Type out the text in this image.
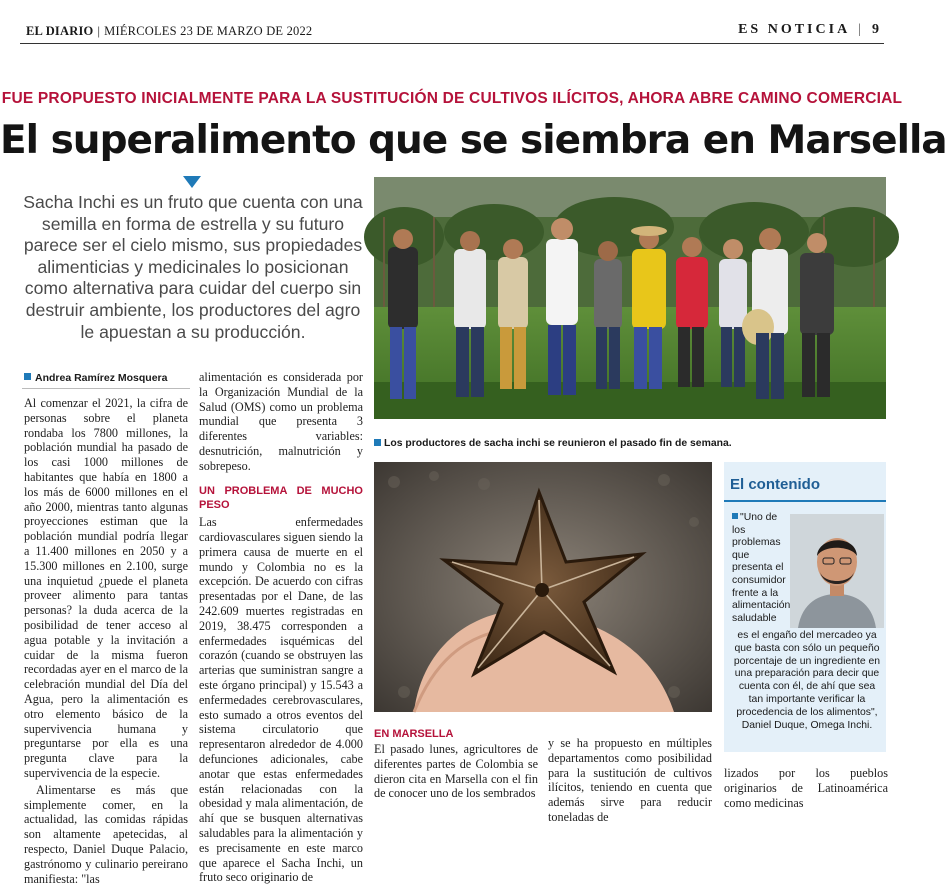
EL DIARIO | MIÉRCOLES 23 DE MARZO DE 2022	ES NOTICIA | 9
FUE PROPUESTO INICIALMENTE PARA LA SUSTITUCIÓN DE CULTIVOS ILÍCITOS, AHORA ABRE CAMINO COMERCIAL
El superalimento que se siembra en Marsella
Sacha Inchi es un fruto que cuenta con una semilla en forma de estrella y su futuro parece ser el cielo mismo, sus propiedades alimenticias y medicinales lo posicionan como alternativa para cuidar del cuerpo sin destruir ambiente, los productores del agro le apuestan a su producción.
Andrea Ramírez Mosquera

Al comenzar el 2021, la cifra de personas sobre el planeta rondaba los 7800 millones, la población mundial ha pasado de los casi 1000 millones de habitantes que había en 1800 a los más de 6000 millones en el año 2000, mientras tanto algunas proyecciones estiman que la población mundial podría llegar a 11.400 millones en 2050 y a 15.300 millones en 2.100, surge una inquietud ¿puede el planeta proveer alimento para tantas personas? la duda acerca de la posibilidad de tener acceso al agua potable y la invitación a cuidar de la misma fueron recordadas ayer en el marco de la celebración mundial del Día del Agua, pero la alimentación es otro elemento básico de la supervivencia humana y preguntarse por ella es una pregunta clave para la supervivencia de la especie.

Alimentarse es más que simplemente comer, en la actualidad, las comidas rápidas son altamente apetecidas, al respecto, Daniel Duque Palacio, gastrónomo y culinario pereirano manifiesta: "las

alimentación es considerada por la Organización Mundial de la Salud (OMS) como un problema mundial que presenta 3 diferentes variables: desnutrición, malnutrición y sobrepeso.

UN PROBLEMA DE MUCHO PESO

Las enfermedades cardiovasculares siguen siendo la primera causa de muerte en el mundo y Colombia no es la excepción. De acuerdo con cifras presentadas por el Dane, de las 242.609 muertes registradas en 2019, 38.475 corresponden a enfermedades isquémicas del corazón (cuando se obstruyen las arterias que suministran sangre a este órgano principal) y 15.543 a enfermedades cerebrovasculares, esto sumado a otros eventos del sistema circulatorio que representaron alrededor de 4.000 defunciones adicionales, cabe anotar que estas enfermedades están relacionadas con la obesidad y mala alimentación, de ahí que se busquen alternativas saludables para la alimentación y es precisamente en este marco que aparece el Sacha Inchi, un fruto seco originario de

Los productores de sacha inchi se reunieron el pasado fin de semana.
EN MARSELLA

El pasado lunes, agricultores de diferentes partes de Colombia se dieron cita en Marsella con el fin de conocer uno de los sembrados

y se ha propuesto en múltiples departamentos como posibilidad para la sustitución de cultivos ilícitos, teniendo en cuenta que además sirve para reducir toneladas de

lizados por los pueblos originarios de Latinoamérica como medicinas

El contenido
"Uno de los problemas que presenta el consumidor frente a la alimentación saludable
es el engaño del mercadeo ya que basta con sólo un pequeño porcentaje de un ingrediente en una preparación para decir que cuenta con él, de ahí que sea tan importante verificar la procedencia de los alimentos", Daniel Duque, Omega Inchi.
